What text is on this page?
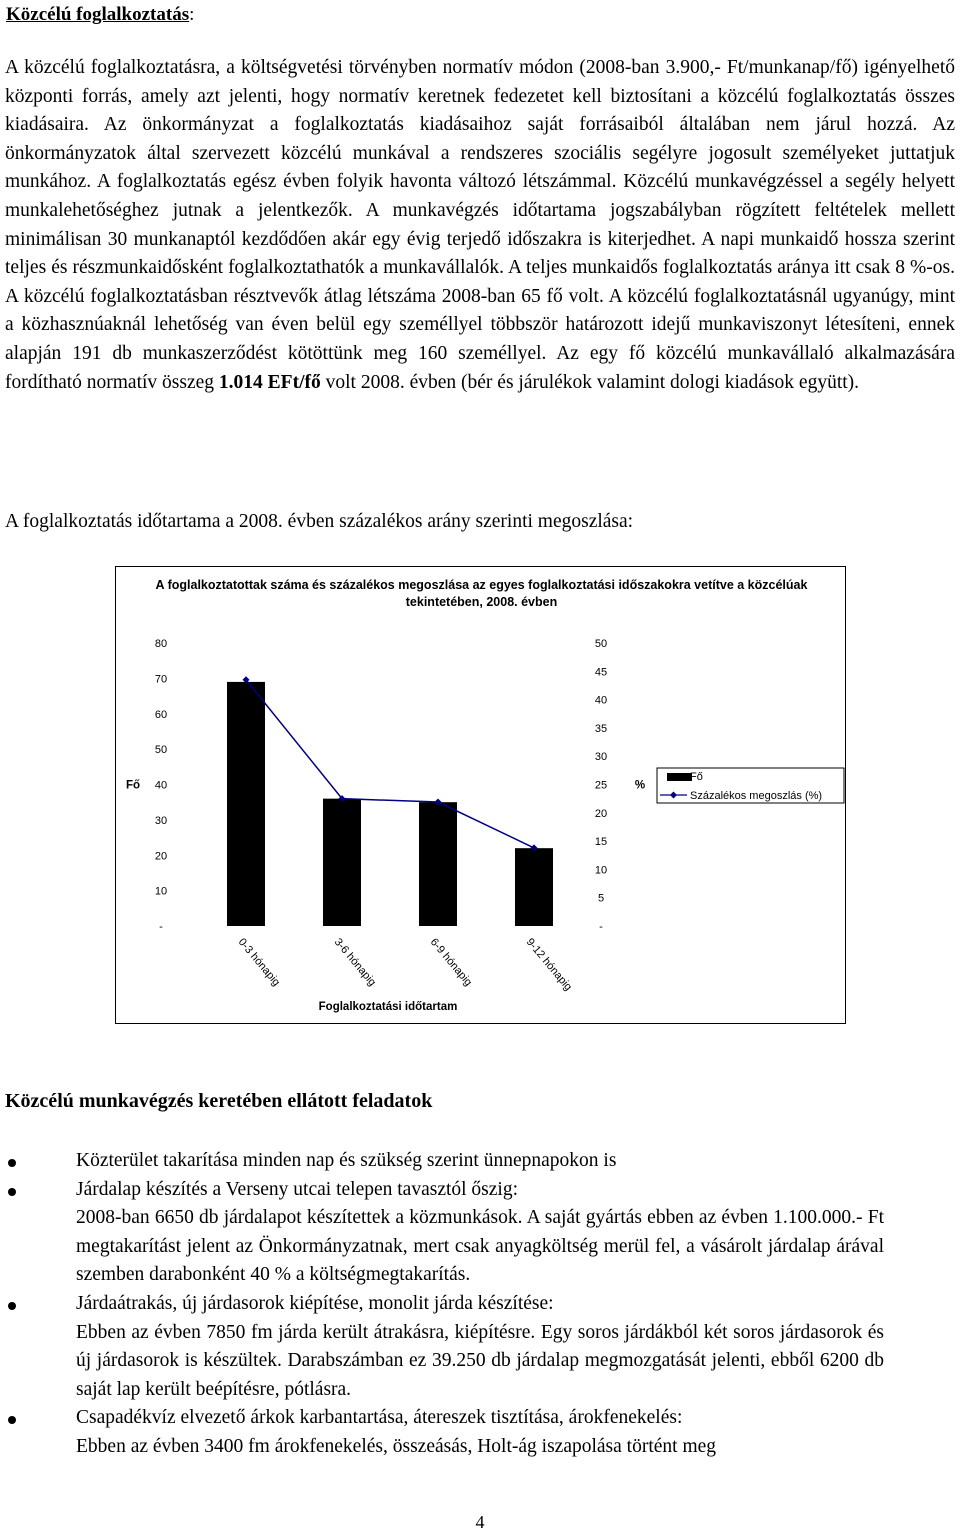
Közcélú foglalkoztatás:

A közcélú foglalkoztatásra, a költségvetési törvényben normatív módon (2008-ban 3.900,- Ft/munkanap/fő) igényelhető központi forrás, amely azt jelenti, hogy normatív keretnek fedezetet kell biztosítani a közcélú foglalkoztatás összes kiadásaira. Az önkormányzat a foglalkoztatás kiadásaihoz saját forrásaiból általában nem járul hozzá. Az önkormányzatok által szervezett közcélú munkával a rendszeres szociális segélyre jogosult személyeket juttatjuk munkához. A foglalkoztatás egész évben folyik havonta változó létszámmal. Közcélú munkavégzéssel a segély helyett munkalehetőséghez jutnak a jelentkezők. A munkavégzés időtartama jogszabályban rögzített feltételek mellett minimálisan 30 munkanaptól kezdődően akár egy évig terjedő időszakra is kiterjedhet. A napi munkaidő hossza szerint teljes és részmunkaidősként foglalkoztathatók a munkavállalók. A teljes munkaidős foglalkoztatás aránya itt csak 8 %-os. A közcélú foglalkoztatásban résztvevők átlag létszáma 2008-ban 65 fő volt. A közcélú foglalkoztatásnál ugyanúgy, mint a közhasznúaknál lehetőség van éven belül egy személlyel többször határozott idejű munkaviszonyt létesíteni, ennek alapján 191 db munkaszerződést kötöttünk meg 160 személlyel. Az egy fő közcélú munkavállaló alkalmazására fordítható normatív összeg 1.014 EFt/fő volt 2008. évben (bér és járulékok valamint dologi kiadások együtt).

A foglalkoztatás időtartama a 2008. évben százalékos arány szerinti megoszlása:

A foglalkoztatottak száma és százalékos megoszlása az egyes foglalkoztatási időszakokra vetítve a közcélúak tekintetében, 2008. évben
-
10
20
30
40
50
60
70
80
-
5
10
15
20
25
30
35
40
45
50
Fő	%
0-3 hónapig	3-6 hónapig	6-9 hónapig	9-12 hónapig
Foglalkoztatási időtartam
Fő
Százalékos megoszlás (%)
Közcélú munkavégzés keretében ellátott feladatok
Közterület takarítása minden nap és szükség szerint ünnepnapokon is
Járdalap készítés a Verseny utcai telepen tavasztól őszig:
2008-ban 6650 db járdalapot készítettek a közmunkások. A saját gyártás ebben az évben 1.100.000.- Ft megtakarítást jelent az Önkormányzatnak, mert csak anyagköltség merül fel, a vásárolt járdalap árával szemben darabonként 40 % a költségmegtakarítás.
Járdaátrakás, új járdasorok kiépítése, monolit járda készítése:
Ebben az évben 7850 fm járda került átrakásra, kiépítésre. Egy soros járdákból két soros járdasorok és új járdasorok is készültek. Darabszámban ez 39.250 db járdalap megmozgatását jelenti, ebből 6200 db saját lap került beépítésre, pótlásra.
Csapadékvíz elvezető árkok karbantartása, átereszek tisztítása, árokfenekelés:
Ebben az évben 3400 fm árokfenekelés, összeásás, Holt-ág iszapolása történt meg
4
